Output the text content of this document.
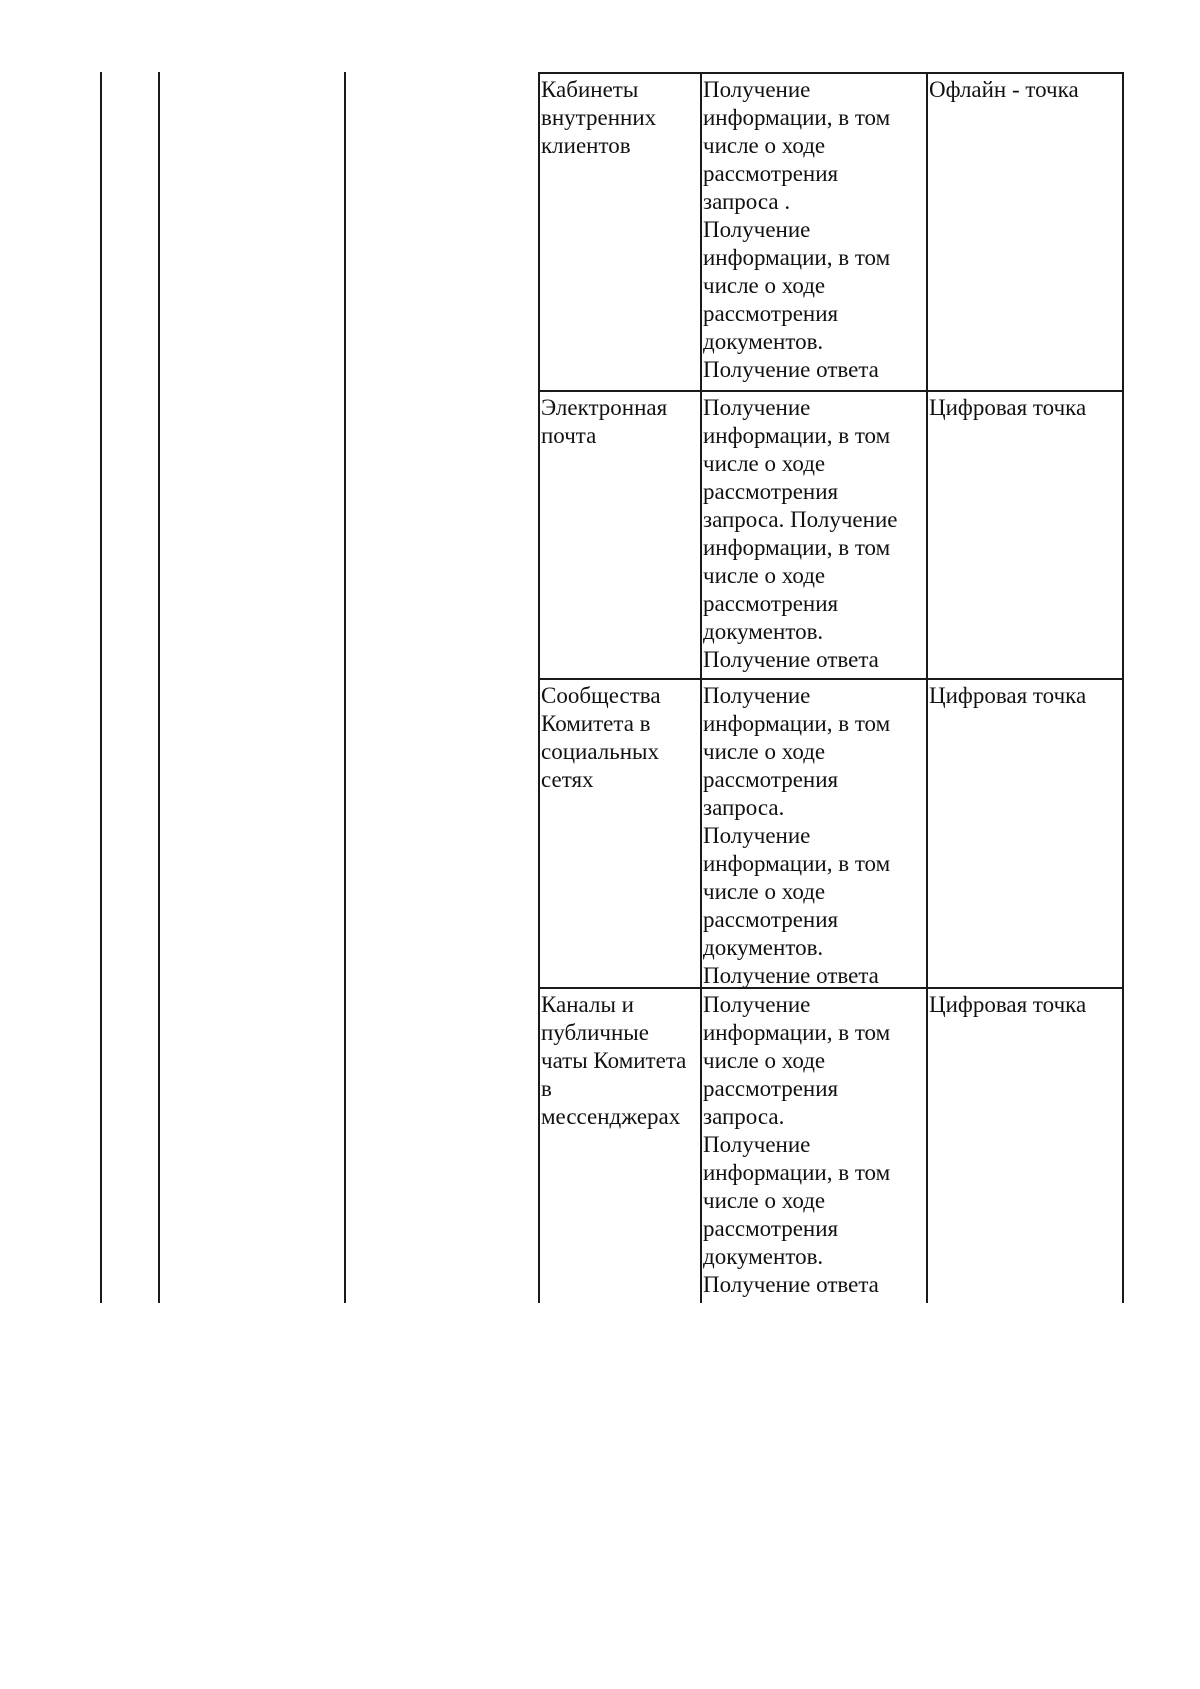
Кабинеты
внутренних
клиентов

Получение
информации, в том
числе о ходе
рассмотрения
запроса .
Получение
информации, в том
числе о ходе
рассмотрения
документов.
Получение ответа

Офлайн - точка

Электронная
почта

Получение
информации, в том
числе о ходе
рассмотрения
запроса. Получение
информации, в том
числе о ходе
рассмотрения
документов.
Получение ответа

Цифровая точка

Сообщества
Комитета в
социальных
сетях

Получение
информации, в том
числе о ходе
рассмотрения
запроса.
Получение
информации, в том
числе о ходе
рассмотрения
документов.
Получение ответа

Цифровая точка

Каналы и
публичные
чаты Комитета
в
мессенджерах

Получение
информации, в том
числе о ходе
рассмотрения
запроса.
Получение
информации, в том
числе о ходе
рассмотрения
документов.
Получение ответа

Цифровая точка
